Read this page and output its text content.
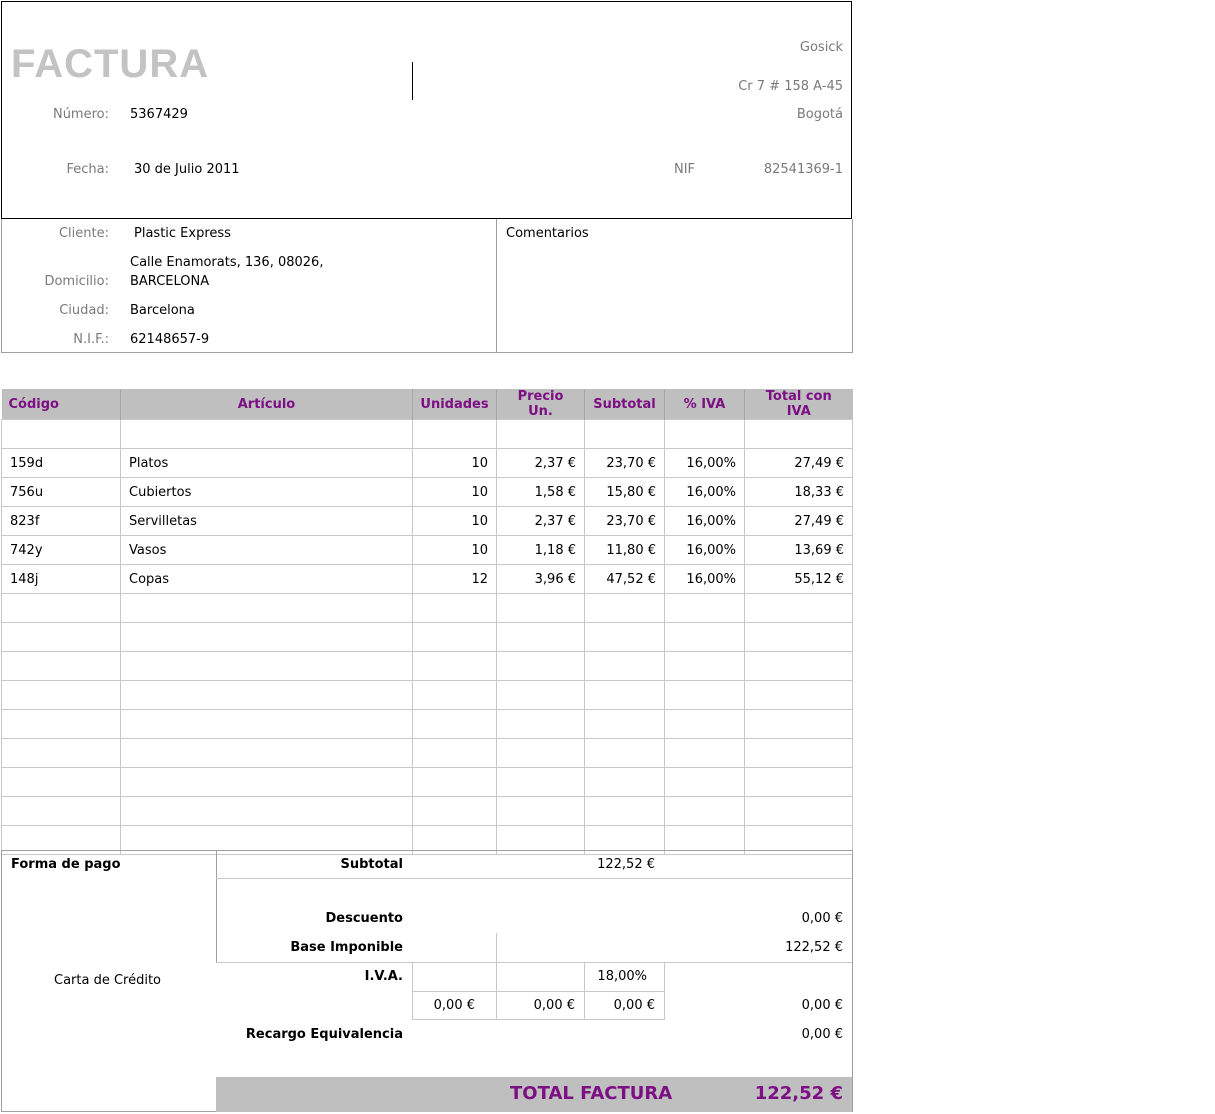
FACTURA
Número: 5367429
Fecha: 30 de Julio 2011
Gosick
Cr 7 # 158 A-45
Bogotá
NIF	82541369-1
Cliente: Plastic Express
Domicilio:
Calle Enamorats, 136, 08026,
BARCELONA
Ciudad: Barcelona
N.I.F.: 62148657-9
Comentarios
Código	Artículo	Unidades	Precio Un.	Subtotal	% IVA	Total con IVA

159d	Platos	10	2,37 €	23,70 €	16,00%	27,49 €
756u	Cubiertos	10	1,58 €	15,80 €	16,00%	18,33 €
823f	Servilletas	10	2,37 €	23,70 €	16,00%	27,49 €
742y	Vasos	10	1,18 €	11,80 €	16,00%	13,69 €
148j	Copas	12	3,96 €	47,52 €	16,00%	55,12 €

Forma de pago
Carta de Crédito
Subtotal	122,52 €
Descuento	0,00 €
Base Imponible	122,52 €
I.V.A.	18,00%
0,00 €	0,00 €	0,00 €	0,00 €
Recargo Equivalencia	0,00 €
TOTAL FACTURA	122,52 €
